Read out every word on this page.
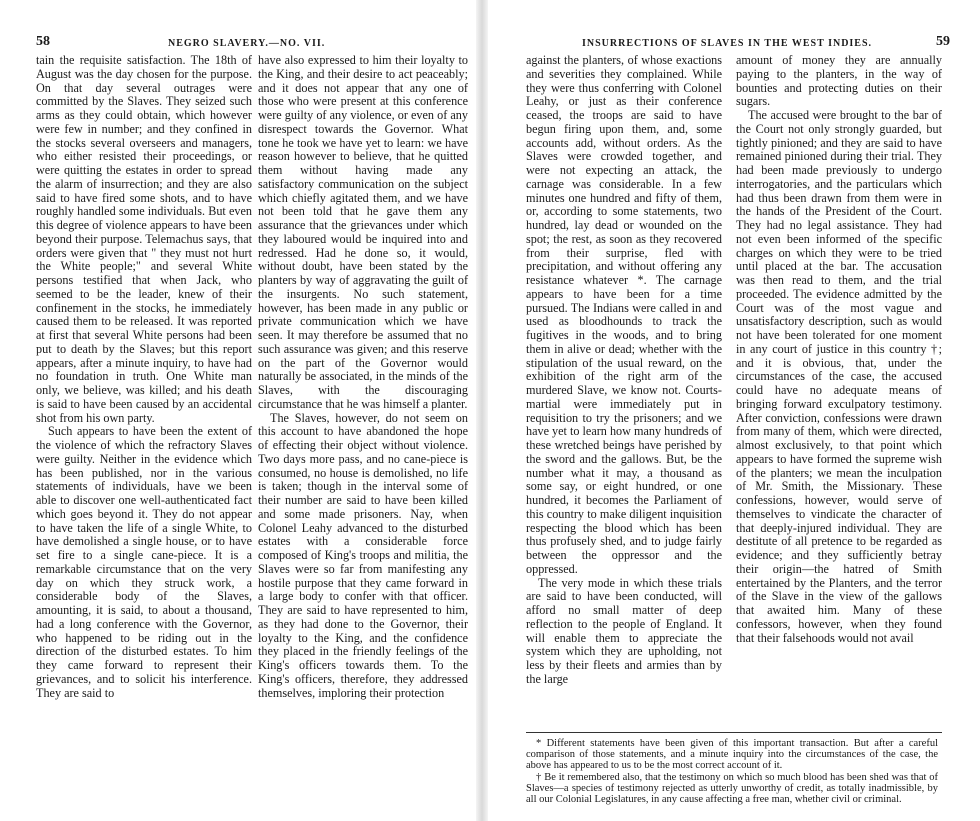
58	NEGRO SLAVERY.—NO. VII.

tain the requisite satisfaction. The 18th of August was the day chosen for the purpose. On that day several outrages were committed by the Slaves. They seized such arms as they could obtain, which however were few in number; and they confined in the stocks several overseers and managers, who either resisted their proceedings, or were quitting the estates in order to spread the alarm of insurrection; and they are also said to have fired some shots, and to have roughly handled some individuals. But even this degree of violence appears to have been beyond their purpose. Telemachus says, that orders were given that " they must not hurt the White people;" and several White persons testified that when Jack, who seemed to be the leader, knew of their confinement in the stocks, he immediately caused them to be released. It was reported at first that several White persons had been put to death by the Slaves; but this report appears, after a minute inquiry, to have had no foundation in truth. One White man only, we believe, was killed; and his death is said to have been caused by an accidental shot from his own party.

Such appears to have been the extent of the violence of which the refractory Slaves were guilty. Neither in the evidence which has been published, nor in the various statements of individuals, have we been able to discover one well-authenticated fact which goes beyond it. They do not appear to have taken the life of a single White, to have demolished a single house, or to have set fire to a single cane-piece. It is a remarkable circumstance that on the very day on which they struck work, a considerable body of the Slaves, amounting, it is said, to about a thousand, had a long conference with the Governor, who happened to be riding out in the direction of the disturbed estates. To him they came forward to represent their grievances, and to solicit his interference. They are said to

have also expressed to him their loyalty to the King, and their desire to act peaceably; and it does not appear that any one of those who were present at this conference were guilty of any violence, or even of any disrespect towards the Governor. What tone he took we have yet to learn: we have reason however to believe, that he quitted them without having made any satisfactory communication on the subject which chiefly agitated them, and we have not been told that he gave them any assurance that the grievances under which they laboured would be inquired into and redressed. Had he done so, it would, without doubt, have been stated by the planters by way of aggravating the guilt of the insurgents. No such statement, however, has been made in any public or private communication which we have seen. It may therefore be assumed that no such assurance was given; and this reserve on the part of the Governor would naturally be associated, in the minds of the Slaves, with the discouraging circumstance that he was himself a planter.

The Slaves, however, do not seem on this account to have abandoned the hope of effecting their object without violence. Two days more pass, and no cane-piece is consumed, no house is demolished, no life is taken; though in the interval some of their number are said to have been killed and some made prisoners. Nay, when Colonel Leahy advanced to the disturbed estates with a considerable force composed of King's troops and militia, the Slaves were so far from manifesting any hostile purpose that they came forward in a large body to confer with that officer. They are said to have represented to him, as they had done to the Governor, their loyalty to the King, and the confidence they placed in the friendly feelings of the King's officers towards them. To the King's officers, therefore, they addressed themselves, imploring their protection

INSURRECTIONS OF SLAVES IN THE WEST INDIES.	59

against the planters, of whose exactions and severities they complained. While they were thus conferring with Colonel Leahy, or just as their conference ceased, the troops are said to have begun firing upon them, and, some accounts add, without orders. As the Slaves were crowded together, and were not expecting an attack, the carnage was considerable. In a few minutes one hundred and fifty of them, or, according to some statements, two hundred, lay dead or wounded on the spot; the rest, as soon as they recovered from their surprise, fled with precipitation, and without offering any resistance whatever *. The carnage appears to have been for a time pursued. The Indians were called in and used as bloodhounds to track the fugitives in the woods, and to bring them in alive or dead; whether with the stipulation of the usual reward, on the exhibition of the right arm of the murdered Slave, we know not. Courts-martial were immediately put in requisition to try the prisoners; and we have yet to learn how many hundreds of these wretched beings have perished by the sword and the gallows. But, be the number what it may, a thousand as some say, or eight hundred, or one hundred, it becomes the Parliament of this country to make diligent inquisition respecting the blood which has been thus profusely shed, and to judge fairly between the oppressor and the oppressed.

The very mode in which these trials are said to have been conducted, will afford no small matter of deep reflection to the people of England. It will enable them to appreciate the system which they are upholding, not less by their fleets and armies than by the large

amount of money they are annually paying to the planters, in the way of bounties and protecting duties on their sugars.

The accused were brought to the bar of the Court not only strongly guarded, but tightly pinioned; and they are said to have remained pinioned during their trial. They had been made previously to undergo interrogatories, and the particulars which had thus been drawn from them were in the hands of the President of the Court. They had no legal assistance. They had not even been informed of the specific charges on which they were to be tried until placed at the bar. The accusation was then read to them, and the trial proceeded. The evidence admitted by the Court was of the most vague and unsatisfactory description, such as would not have been tolerated for one moment in any court of justice in this country †; and it is obvious, that, under the circumstances of the case, the accused could have no adequate means of bringing forward exculpatory testimony. After conviction, confessions were drawn from many of them, which were directed, almost exclusively, to that point which appears to have formed the supreme wish of the planters; we mean the inculpation of Mr. Smith, the Missionary. These confessions, however, would serve of themselves to vindicate the character of that deeply-injured individual. They are destitute of all pretence to be regarded as evidence; and they sufficiently betray their origin—the hatred of Smith entertained by the Planters, and the terror of the Slave in the view of the gallows that awaited him. Many of these confessors, however, when they found that their falsehoods would not avail

* Different statements have been given of this important transaction. But after a careful comparison of those statements, and a minute inquiry into the circumstances of the case, the above has appeared to us to be the most correct account of it.

† Be it remembered also, that the testimony on which so much blood has been shed was that of Slaves—a species of testimony rejected as utterly unworthy of credit, as totally inadmissible, by all our Colonial Legislatures, in any cause affecting a free man, whether civil or criminal.
